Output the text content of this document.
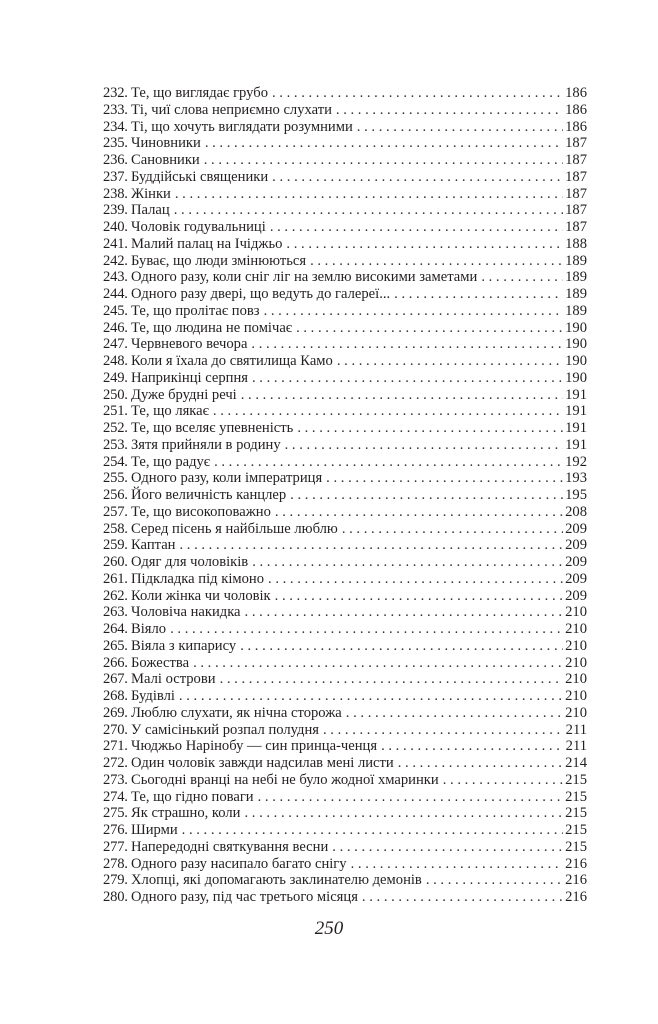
232. Те, що виглядає грубо . . .	186
233. Ті, чиї слова неприємно слухати . . .	186
234. Ті, що хочуть виглядати розумними . . .	186
235. Чиновники . . .	187
236. Сановники . . .	187
237. Буддійські священики . . .	187
238. Жінки . . .	187
239. Палац . . .	187
240. Чоловік годувальниці . . .	187
241. Малий палац на Ічіджьо . . .	188
242. Буває, що люди змінюються . . .	189
243. Одного разу, коли сніг ліг на землю високими заметами . . .	189
244. Одного разу двері, що ведуть до галереї... . . .	189
245. Те, що пролітає повз . . .	189
246. Те, що людина не помічає . . .	190
247. Червневого вечора . . .	190
248. Коли я їхала до святилища Камо . . .	190
249. Наприкінці серпня . . .	190
250. Дуже брудні речі . . .	191
251. Те, що лякає . . .	191
252. Те, що вселяє упевненість . . .	191
253. Зятя прийняли в родину . . .	191
254. Те, що радує . . .	192
255. Одного разу, коли імператриця . . .	193
256. Його величність канцлер . . .	195
257. Те, що високоповажно . . .	208
258. Серед пісень я найбільше люблю . . .	209
259. Каптан . . .	209
260. Одяг для чоловіків . . .	209
261. Підкладка під кімоно . . .	209
262. Коли жінка чи чоловік . . .	209
263. Чоловіча накидка . . .	210
264. Віяло . . .	210
265. Віяла з кипарису . . .	210
266. Божества . . .	210
267. Малі острови . . .	210
268. Будівлі . . .	210
269. Люблю слухати, як нічна сторожа . . .	210
270. У самісінький розпал полудня . . .	211
271. Чюджьо Нарінобу — син принца-ченця . . .	211
272. Один чоловік завжди надсилав мені листи . . .	214
273. Сьогодні вранці на небі не було жодної хмаринки . . .	215
274. Те, що гідно поваги . . .	215
275. Як страшно, коли . . .	215
276. Ширми . . .	215
277. Напередодні святкування весни . . .	215
278. Одного разу насипало багато снігу . . .	216
279. Хлопці, які допомагають заклинателю демонів . . .	216
280. Одного разу, під час третього місяця . . .	216
250
